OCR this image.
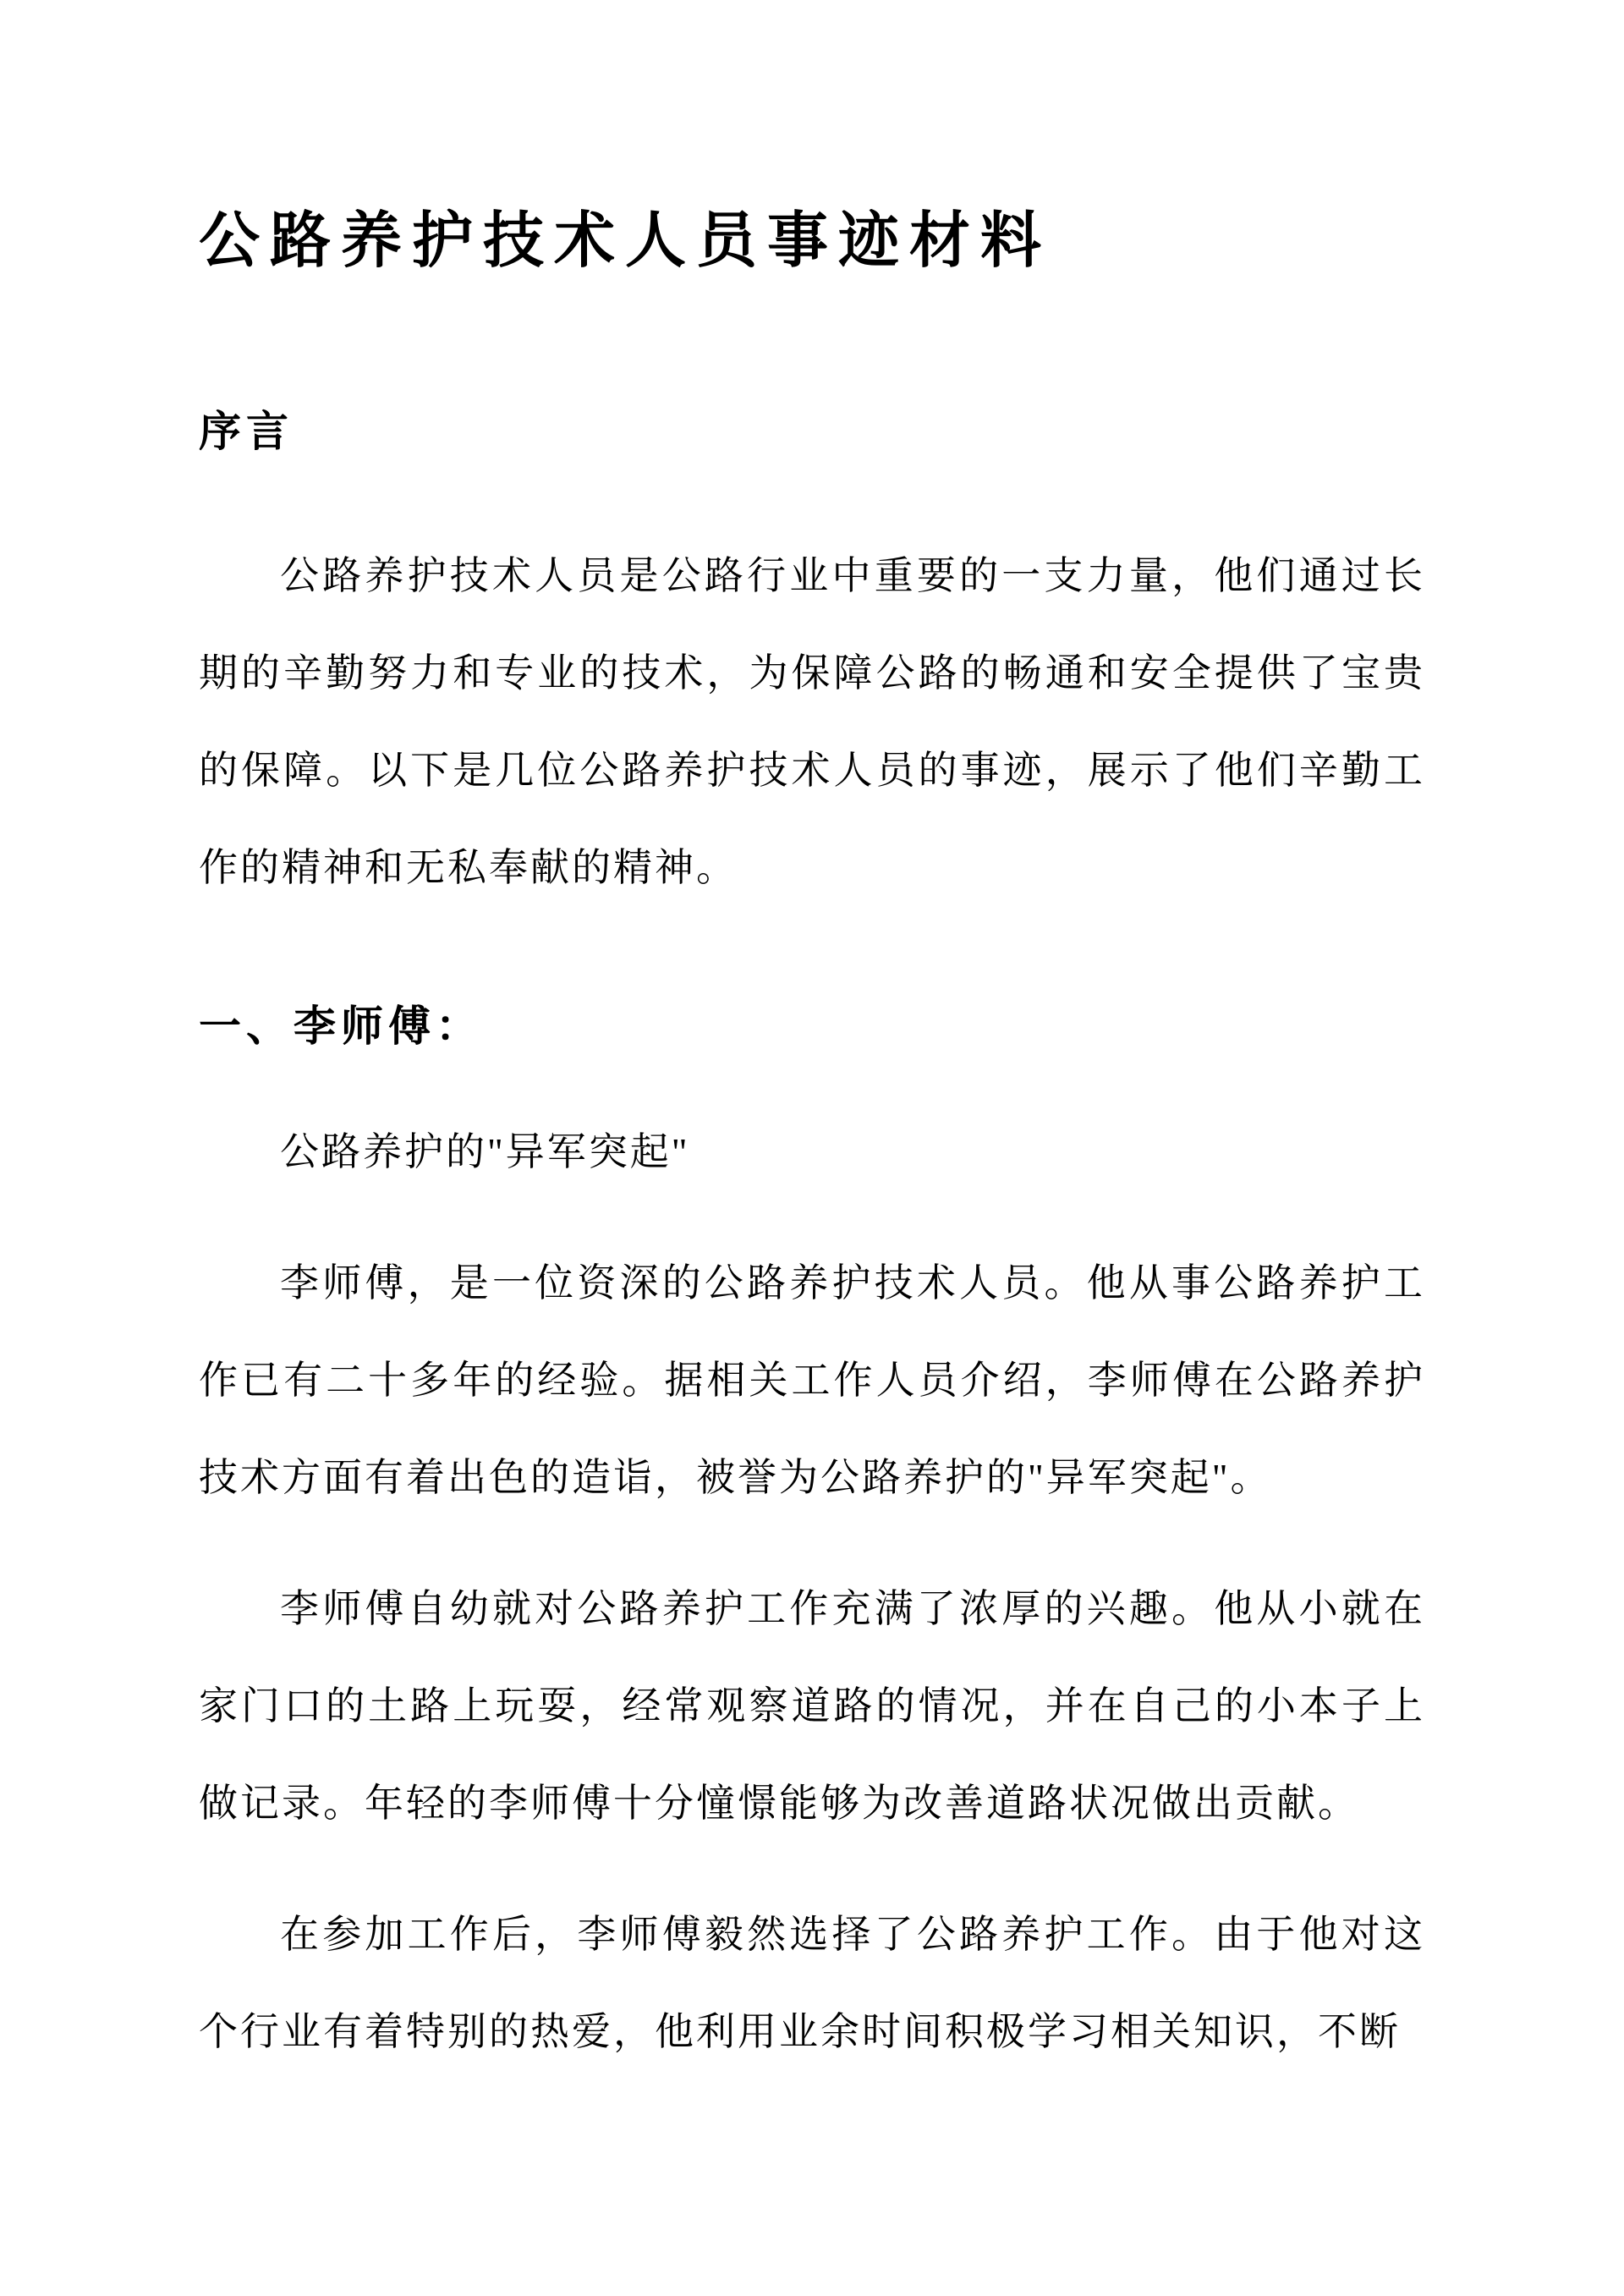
公路养护技术人员事迹材料
序言

公路养护技术人员是公路行业中重要的一支力量，他们通过长期的辛勤努力和专业的技术，为保障公路的畅通和安全提供了宝贵的保障。以下是几位公路养护技术人员的事迹，展示了他们辛勤工作的精神和无私奉献的精神。

一、李师傅：

公路养护的"异军突起"

李师傅，是一位资深的公路养护技术人员。他从事公路养护工作已有二十多年的经验。据相关工作人员介绍，李师傅在公路养护技术方面有着出色的造诣，被誉为公路养护的"异军突起"。

李师傅自幼就对公路养护工作充满了浓厚的兴趣。他从小就在家门口的土路上玩耍，经常观察道路的情况，并在自己的小本子上做记录。年轻的李师傅十分憧憬能够为改善道路状况做出贡献。

在参加工作后，李师傅毅然选择了公路养护工作。由于他对这个行业有着特别的热爱，他利用业余时间积极学习相关知识，不断
